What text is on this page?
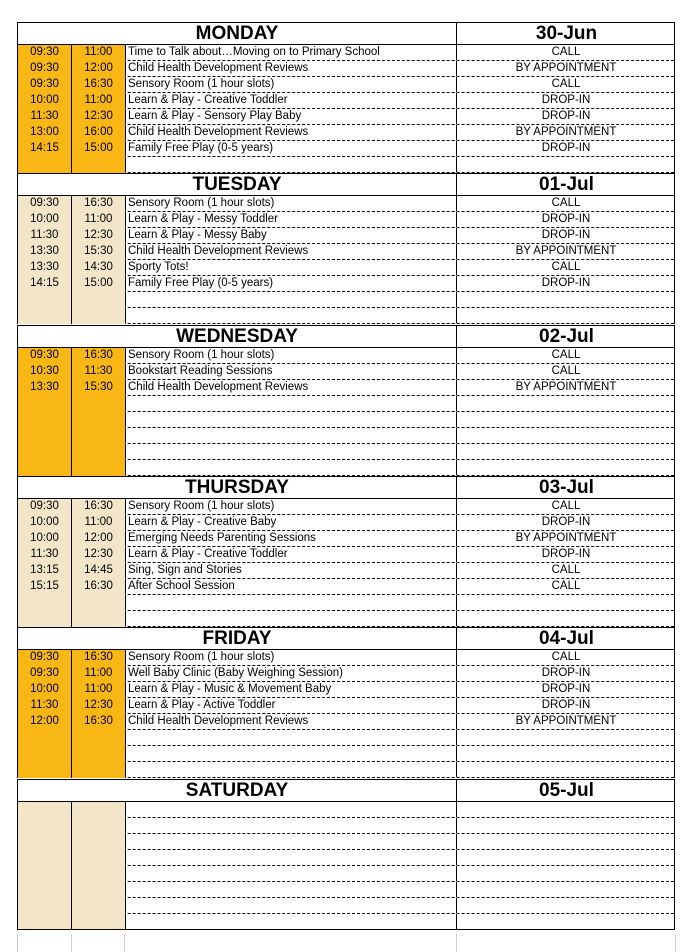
MONDAY	30-Jun
09:30	11:00	Time to Talk about…Moving on to Primary School	CALL
09:30	12:00	Child Health Development Reviews	BY APPOINTMENT
09:30	16:30	Sensory Room (1 hour slots)	CALL
10:00	11:00	Learn & Play - Creative Toddler	DROP-IN
11:30	12:30	Learn & Play - Sensory Play Baby	DROP-IN
13:00	16:00	Child Health Development Reviews	BY APPOINTMENT
14:15	15:00	Family Free Play (0-5 years)	DROP-IN
TUESDAY	01-Jul
09:30	16:30	Sensory Room (1 hour slots)	CALL
10:00	11:00	Learn & Play - Messy Toddler	DROP-IN
11:30	12:30	Learn & Play - Messy Baby	DROP-IN
13:30	15:30	Child Health Development Reviews	BY APPOINTMENT
13:30	14:30	Sporty Tots!	CALL
14:15	15:00	Family Free Play (0-5 years)	DROP-IN
WEDNESDAY	02-Jul
09:30	16:30	Sensory Room (1 hour slots)	CALL
10:30	11:30	Bookstart Reading Sessions	CALL
13:30	15:30	Child Health Development Reviews	BY APPOINTMENT
THURSDAY	03-Jul
09:30	16:30	Sensory Room (1 hour slots)	CALL
10:00	11:00	Learn & Play - Creative Baby	DROP-IN
10:00	12:00	Emerging Needs Parenting Sessions	BY APPOINTMENT
11:30	12:30	Learn & Play - Creative Toddler	DROP-IN
13:15	14:45	Sing, Sign and Stories	CALL
15:15	16:30	After School Session	CALL
FRIDAY	04-Jul
09:30	16:30	Sensory Room (1 hour slots)	CALL
09:30	11:00	Well Baby Clinic (Baby Weighing Session)	DROP-IN
10:00	11:00	Learn & Play - Music & Movement Baby	DROP-IN
11:30	12:30	Learn & Play - Active Toddler	DROP-IN
12:00	16:30	Child Health Development Reviews	BY APPOINTMENT
SATURDAY	05-Jul
